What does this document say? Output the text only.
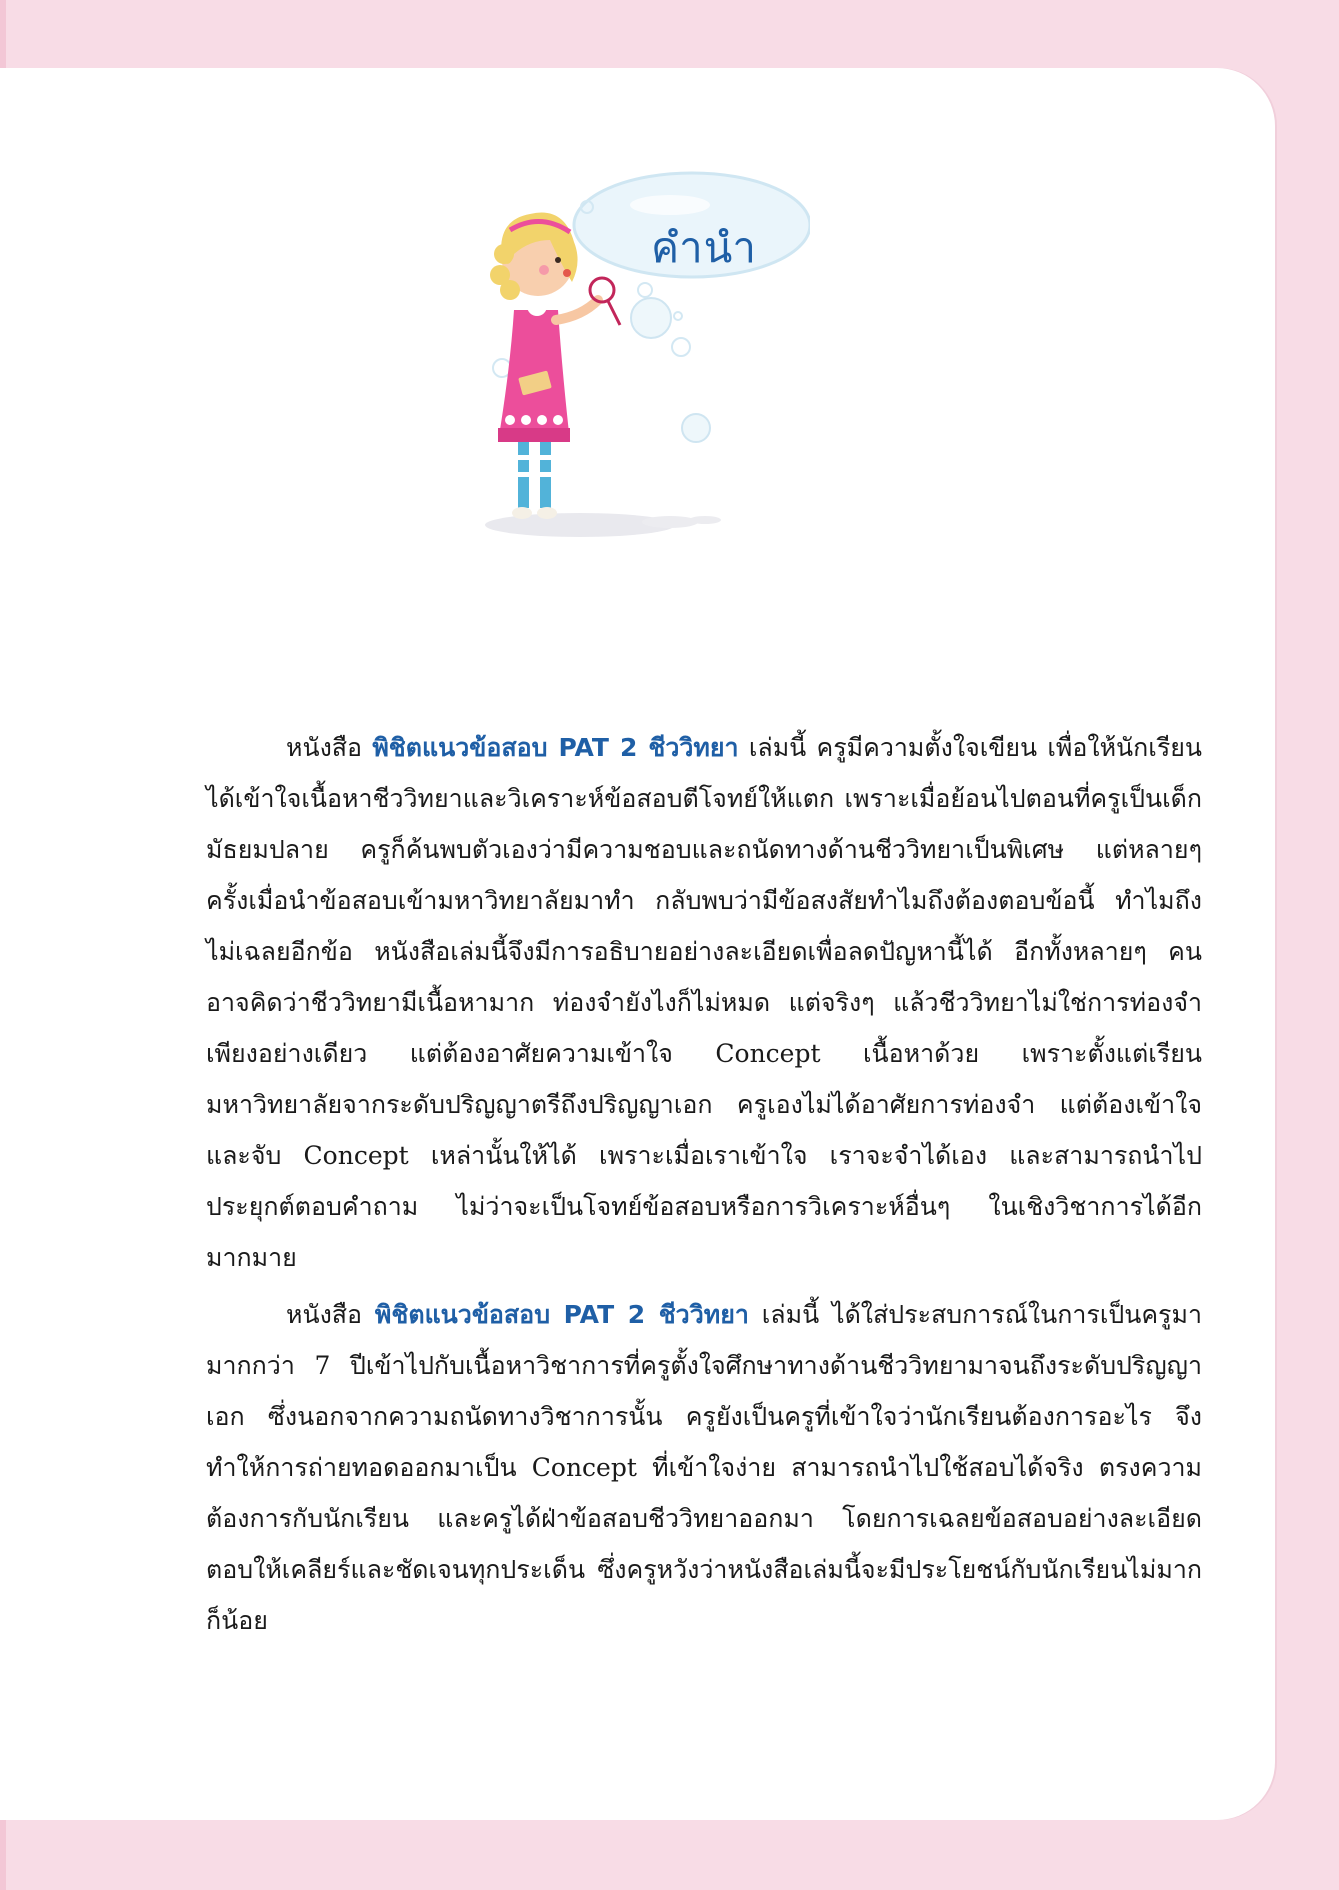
คำนำ

หนังสือ พิชิตแนวข้อสอบ PAT 2 ชีววิทยา เล่มนี้ ครูมีความตั้งใจเขียน เพื่อให้นักเรียนได้เข้าใจเนื้อหาชีววิทยาและวิเคราะห์ข้อสอบตีโจทย์ให้แตก เพราะเมื่อย้อนไปตอนที่ครูเป็นเด็กมัธยมปลาย ครูก็ค้นพบตัวเองว่ามีความชอบและถนัดทางด้านชีววิทยาเป็นพิเศษ แต่หลายๆ ครั้งเมื่อนำข้อสอบเข้ามหาวิทยาลัยมาทำ กลับพบว่ามีข้อสงสัยทำไมถึงต้องตอบข้อนี้ ทำไมถึงไม่เฉลยอีกข้อ หนังสือเล่มนี้จึงมีการอธิบายอย่างละเอียดเพื่อลดปัญหานี้ได้ อีกทั้งหลายๆ คน อาจคิดว่าชีววิทยามีเนื้อหามาก ท่องจำยังไงก็ไม่หมด แต่จริงๆ แล้วชีววิทยาไม่ใช่การท่องจำเพียงอย่างเดียว แต่ต้องอาศัยความเข้าใจ Concept เนื้อหาด้วย เพราะตั้งแต่เรียนมหาวิทยาลัยจากระดับปริญญาตรีถึงปริญญาเอก ครูเองไม่ได้อาศัยการท่องจำ แต่ต้องเข้าใจและจับ Concept เหล่านั้นให้ได้ เพราะเมื่อเราเข้าใจ เราจะจำได้เอง และสามารถนำไปประยุกต์ตอบคำถาม ไม่ว่าจะเป็นโจทย์ข้อสอบหรือการวิเคราะห์อื่นๆ ในเชิงวิชาการได้อีกมากมาย

หนังสือ พิชิตแนวข้อสอบ PAT 2 ชีววิทยา เล่มนี้ ได้ใส่ประสบการณ์ในการเป็นครูมามากกว่า 7 ปีเข้าไปกับเนื้อหาวิชาการที่ครูตั้งใจศึกษาทางด้านชีววิทยามาจนถึงระดับปริญญาเอก ซึ่งนอกจากความถนัดทางวิชาการนั้น ครูยังเป็นครูที่เข้าใจว่านักเรียนต้องการอะไร จึงทำให้การถ่ายทอดออกมาเป็น Concept ที่เข้าใจง่าย สามารถนำไปใช้สอบได้จริง ตรงความต้องการกับนักเรียน และครูได้ฝ่าข้อสอบชีววิทยาออกมา โดยการเฉลยข้อสอบอย่างละเอียด ตอบให้เคลียร์และชัดเจนทุกประเด็น ซึ่งครูหวังว่าหนังสือเล่มนี้จะมีประโยชน์กับนักเรียนไม่มากก็น้อย
